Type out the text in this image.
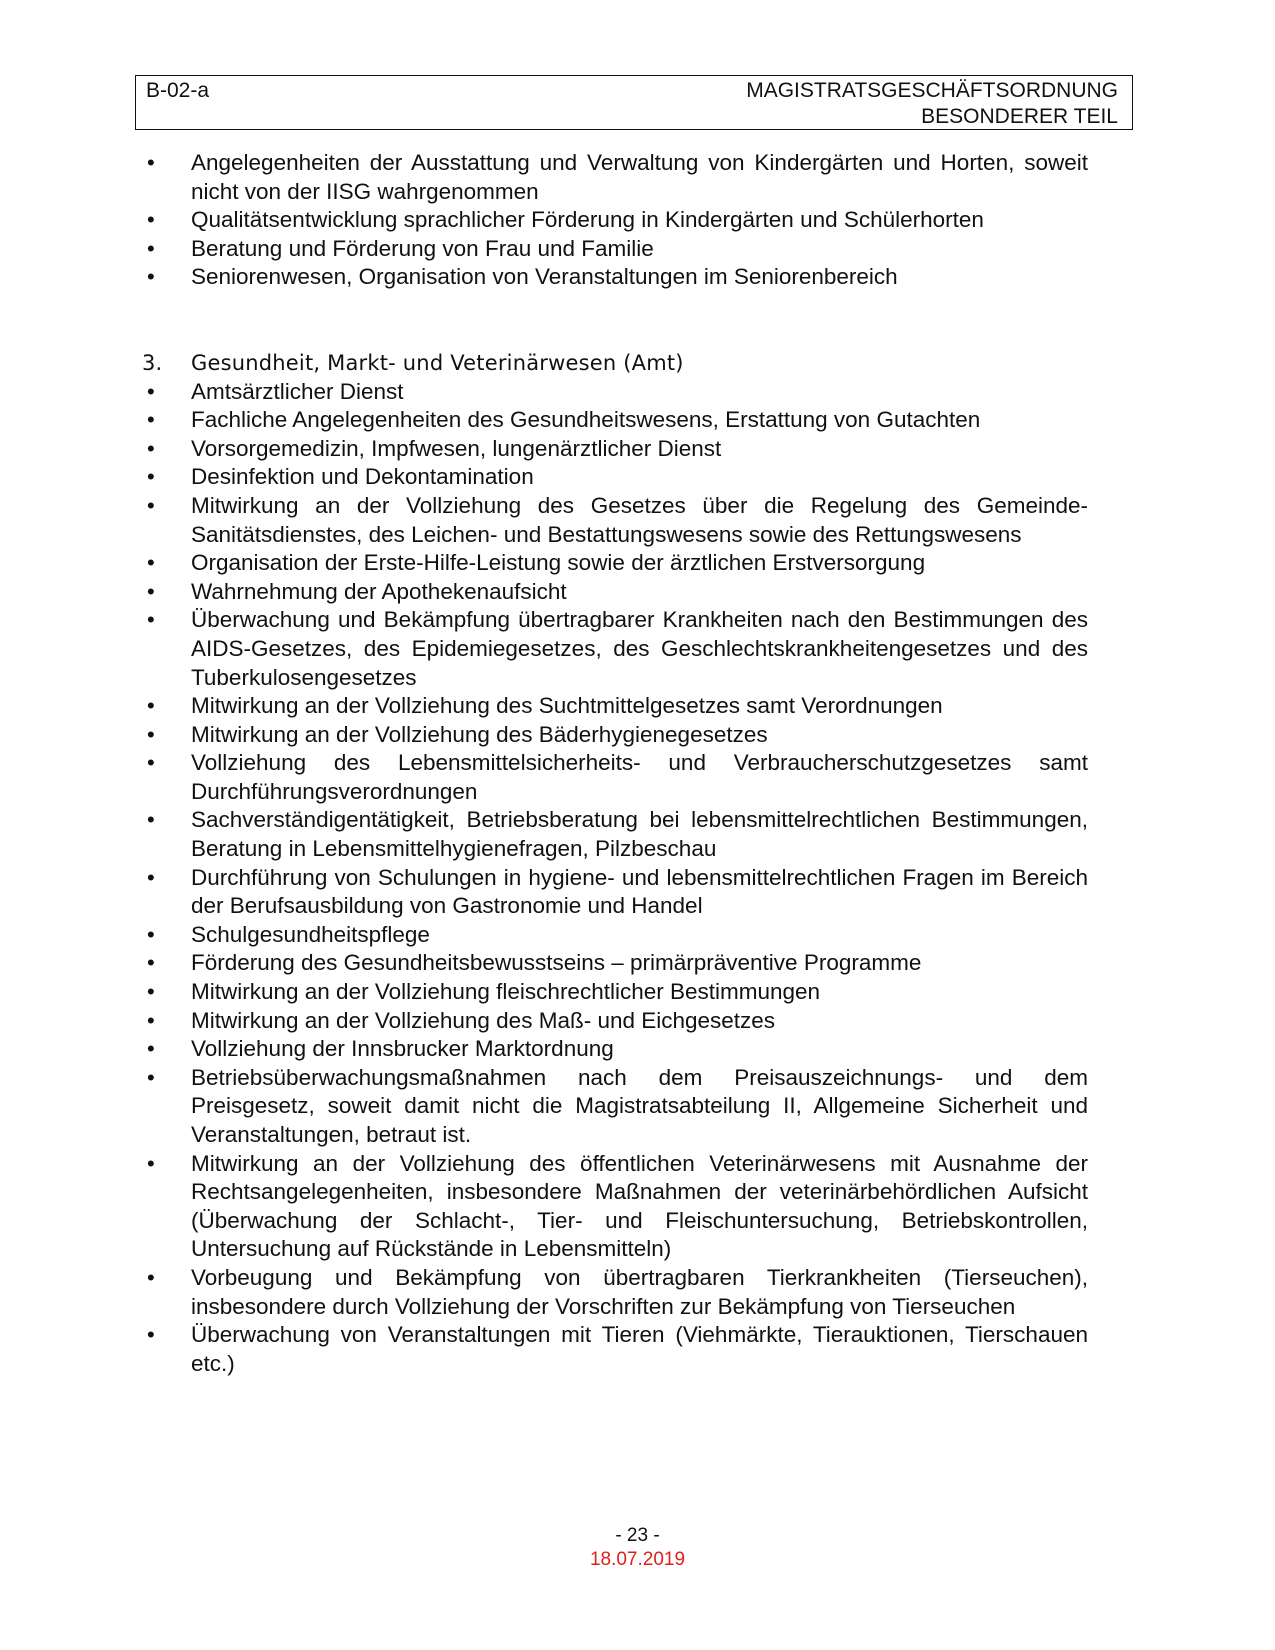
B-02-a	MAGISTRATSGESCHÄFTSORDNUNG
BESONDERER TEIL
• Angelegenheiten der Ausstattung und Verwaltung von Kindergärten und Horten, soweit nicht von der IISG wahrgenommen
• Qualitätsentwicklung sprachlicher Förderung in Kindergärten und Schülerhorten
• Beratung und Förderung von Frau und Familie
• Seniorenwesen, Organisation von Veranstaltungen im Seniorenbereich
3. Gesundheit, Markt- und Veterinärwesen (Amt)
• Amtsärztlicher Dienst
• Fachliche Angelegenheiten des Gesundheitswesens, Erstattung von Gutachten
• Vorsorgemedizin, Impfwesen, lungenärztlicher Dienst
• Desinfektion und Dekontamination
• Mitwirkung an der Vollziehung des Gesetzes über die Regelung des Gemeinde-Sanitätsdienstes, des Leichen- und Bestattungswesens sowie des Rettungswesens
• Organisation der Erste-Hilfe-Leistung sowie der ärztlichen Erstversorgung
• Wahrnehmung der Apothekenaufsicht
• Überwachung und Bekämpfung übertragbarer Krankheiten nach den Bestimmungen des AIDS-Gesetzes, des Epidemiegesetzes, des Geschlechtskrankheitengesetzes und des Tuberkulosengesetzes
• Mitwirkung an der Vollziehung des Suchtmittelgesetzes samt Verordnungen
• Mitwirkung an der Vollziehung des Bäderhygienegesetzes
• Vollziehung des Lebensmittelsicherheits- und Verbraucherschutzgesetzes samt Durchführungsverordnungen
• Sachverständigentätigkeit, Betriebsberatung bei lebensmittelrechtlichen Bestimmungen, Beratung in Lebensmittelhygienefragen, Pilzbeschau
• Durchführung von Schulungen in hygiene- und lebensmittelrechtlichen Fragen im Bereich der Berufsausbildung von Gastronomie und Handel
• Schulgesundheitspflege
• Förderung des Gesundheitsbewusstseins – primärpräventive Programme
• Mitwirkung an der Vollziehung fleischrechtlicher Bestimmungen
• Mitwirkung an der Vollziehung des Maß- und Eichgesetzes
• Vollziehung der Innsbrucker Marktordnung
• Betriebsüberwachungsmaßnahmen nach dem Preisauszeichnungs- und dem Preisgesetz, soweit damit nicht die Magistratsabteilung II, Allgemeine Sicherheit und Veranstaltungen, betraut ist.
• Mitwirkung an der Vollziehung des öffentlichen Veterinärwesens mit Ausnahme der Rechtsangelegenheiten, insbesondere Maßnahmen der veterinärbehördlichen Aufsicht (Überwachung der Schlacht-, Tier- und Fleischuntersuchung, Betriebskontrollen, Untersuchung auf Rückstände in Lebensmitteln)
• Vorbeugung und Bekämpfung von übertragbaren Tierkrankheiten (Tierseuchen), insbesondere durch Vollziehung der Vorschriften zur Bekämpfung von Tierseuchen
• Überwachung von Veranstaltungen mit Tieren (Viehmärkte, Tierauktionen, Tierschauen etc.)
- 23 -
18.07.2019
